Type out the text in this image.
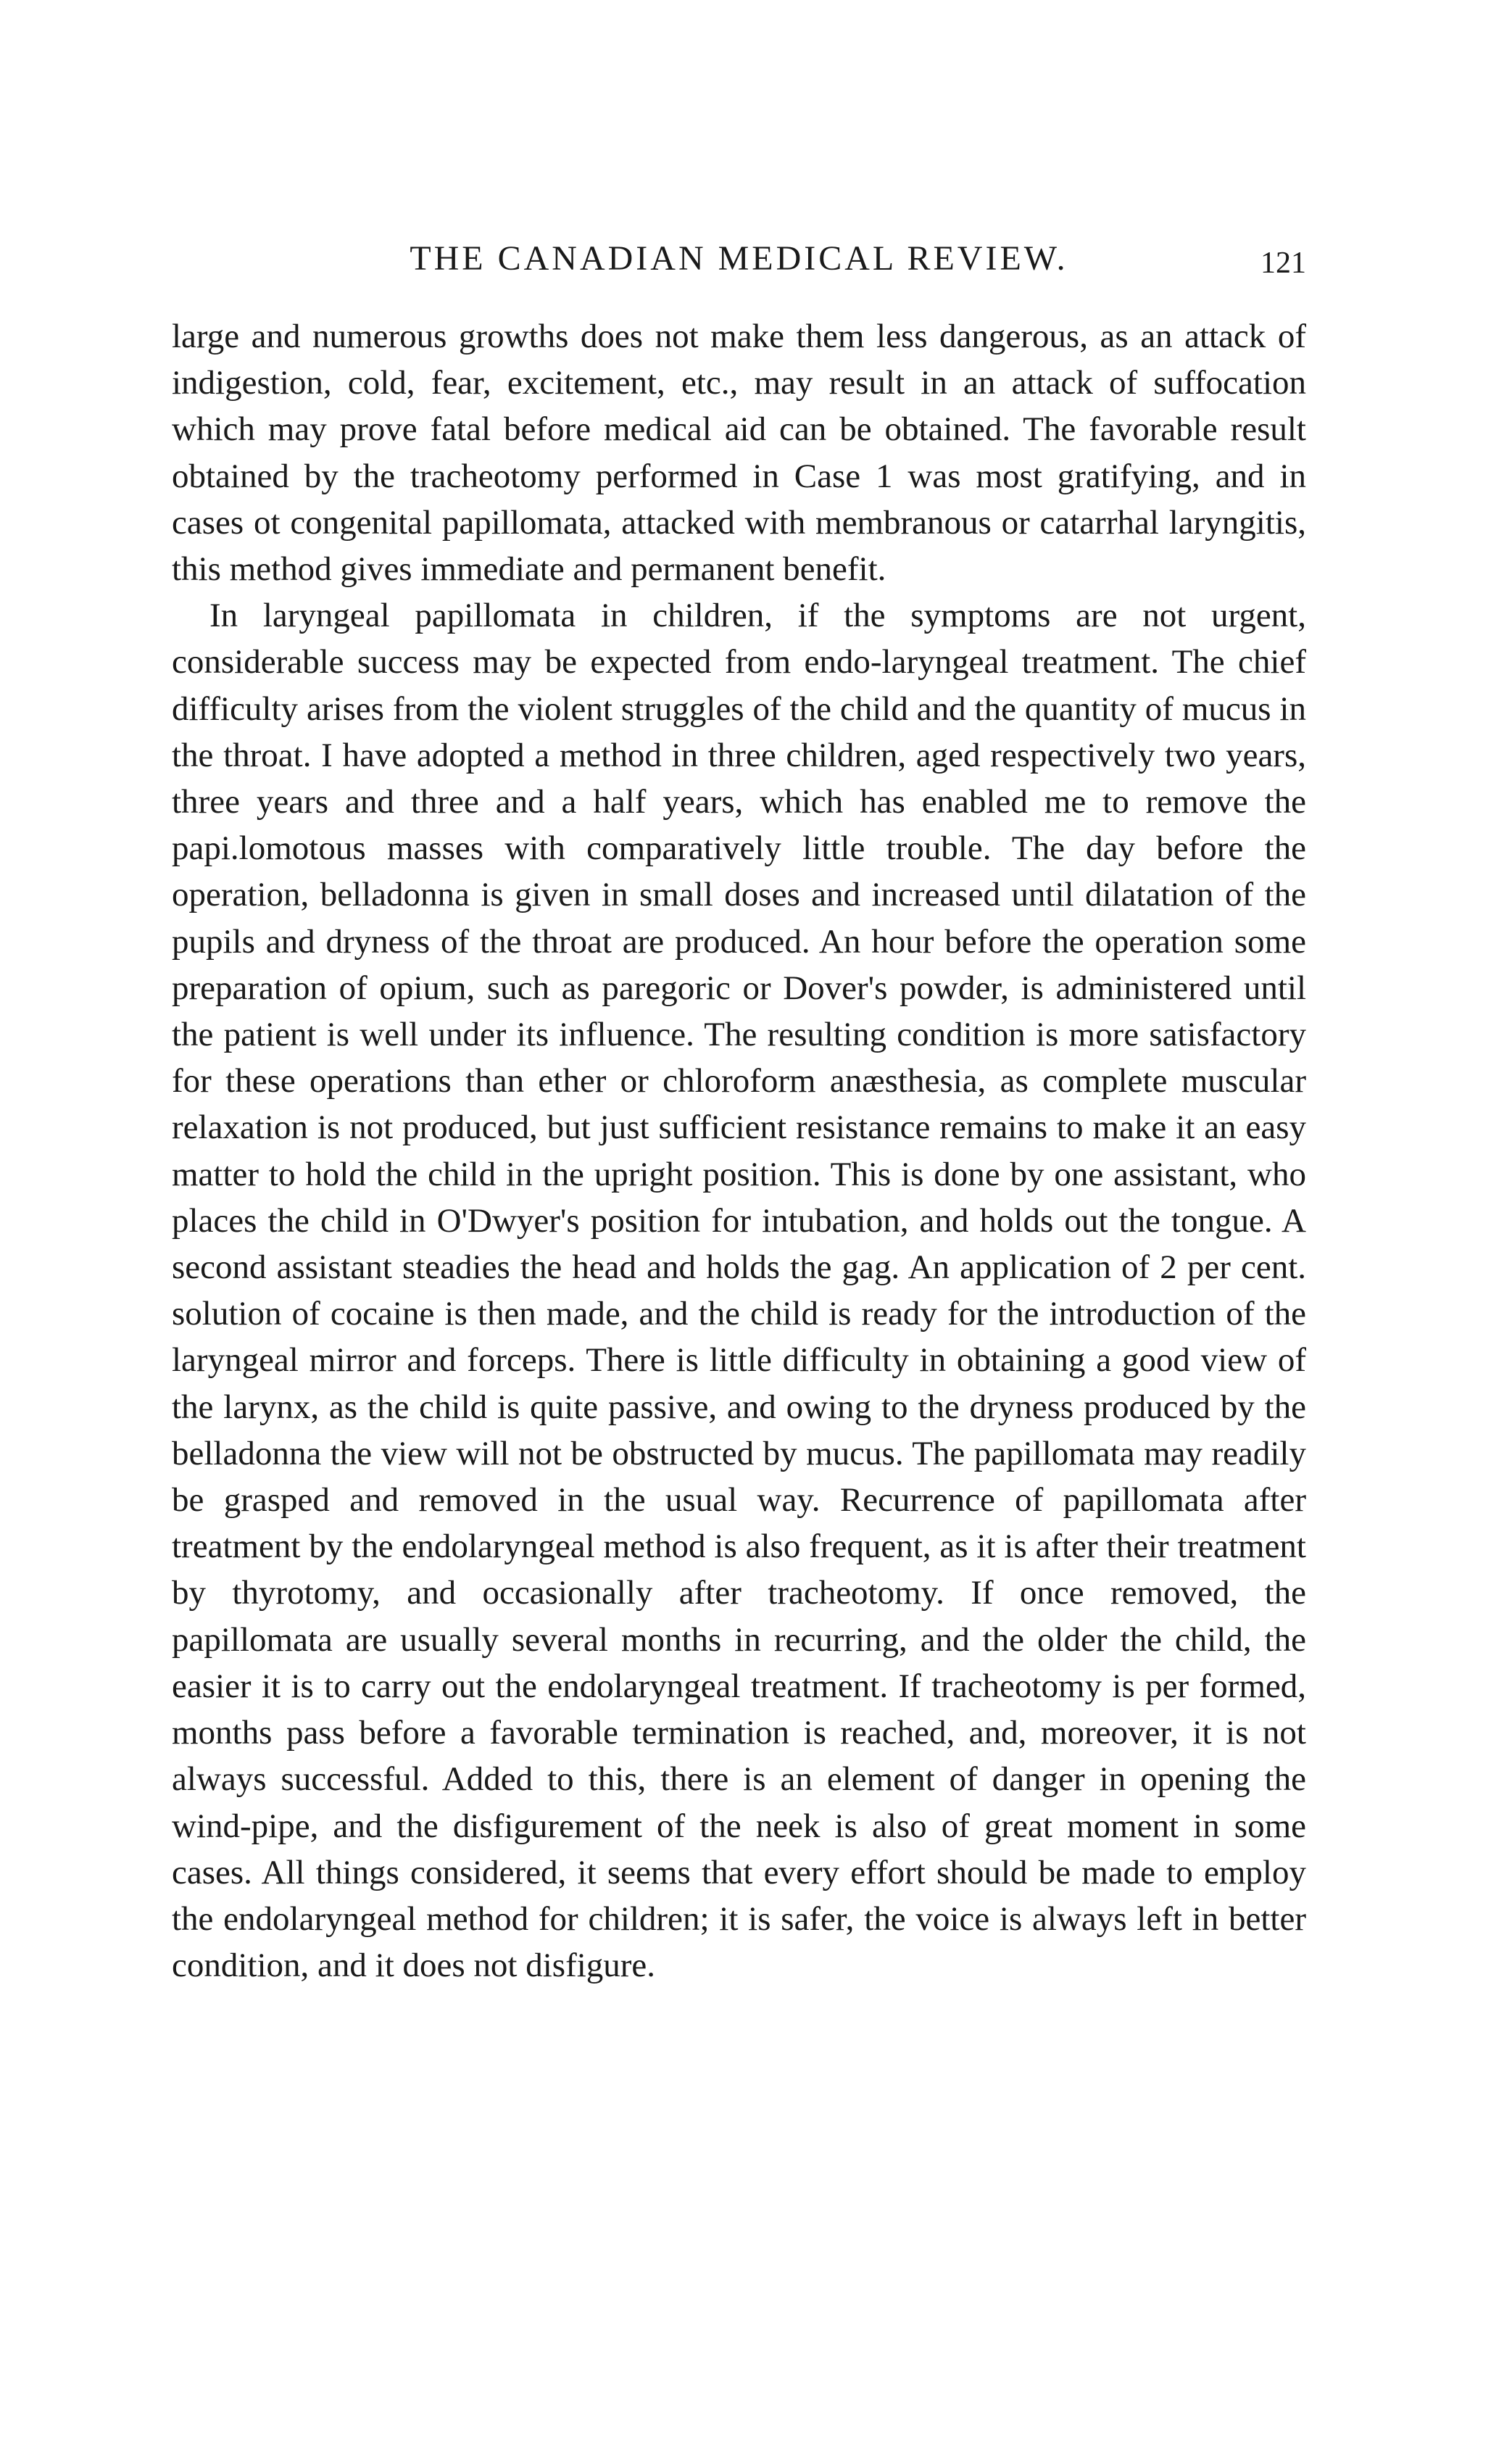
THE CANADIAN MEDICAL REVIEW.	121

large and numerous growths does not make them less dangerous, as an attack of indigestion, cold, fear, excitement, etc., may result in an attack of suffocation which may prove fatal before medical aid can be obtained. The favorable result obtained by the tracheotomy performed in Case 1 was most gratifying, and in cases ot congenital papillomata, attacked with membranous or catarrhal laryngitis, this method gives immediate and permanent benefit.

In laryngeal papillomata in children, if the symptoms are not urgent, considerable success may be expected from endo-laryngeal treatment. The chief difficulty arises from the violent struggles of the child and the quantity of mucus in the throat. I have adopted a method in three children, aged respectively two years, three years and three and a half years, which has enabled me to remove the papi.lomotous masses with comparatively little trouble. The day before the operation, belladonna is given in small doses and increased until dilatation of the pupils and dryness of the throat are produced. An hour before the operation some preparation of opium, such as paregoric or Dover's powder, is administered until the patient is well under its influence. The resulting condition is more satisfactory for these operations than ether or chloroform anæsthesia, as complete muscular relaxation is not produced, but just sufficient resistance remains to make it an easy matter to hold the child in the upright position. This is done by one assistant, who places the child in O'Dwyer's position for intubation, and holds out the tongue. A second assistant steadies the head and holds the gag. An application of 2 per cent. solution of cocaine is then made, and the child is ready for the introduction of the laryngeal mirror and forceps. There is little difficulty in obtaining a good view of the larynx, as the child is quite passive, and owing to the dryness produced by the belladonna the view will not be obstructed by mucus. The papillomata may readily be grasped and removed in the usual way. Recurrence of papillomata after treatment by the endolaryngeal method is also frequent, as it is after their treatment by thyrotomy, and occasionally after tracheotomy. If once removed, the papillomata are usually several months in recurring, and the older the child, the easier it is to carry out the endolaryngeal treatment. If tracheotomy is per formed, months pass before a favorable termination is reached, and, moreover, it is not always successful. Added to this, there is an element of danger in opening the wind-pipe, and the disfigurement of the neek is also of great moment in some cases. All things considered, it seems that every effort should be made to employ the endolaryngeal method for children; it is safer, the voice is always left in better condition, and it does not disfigure.
